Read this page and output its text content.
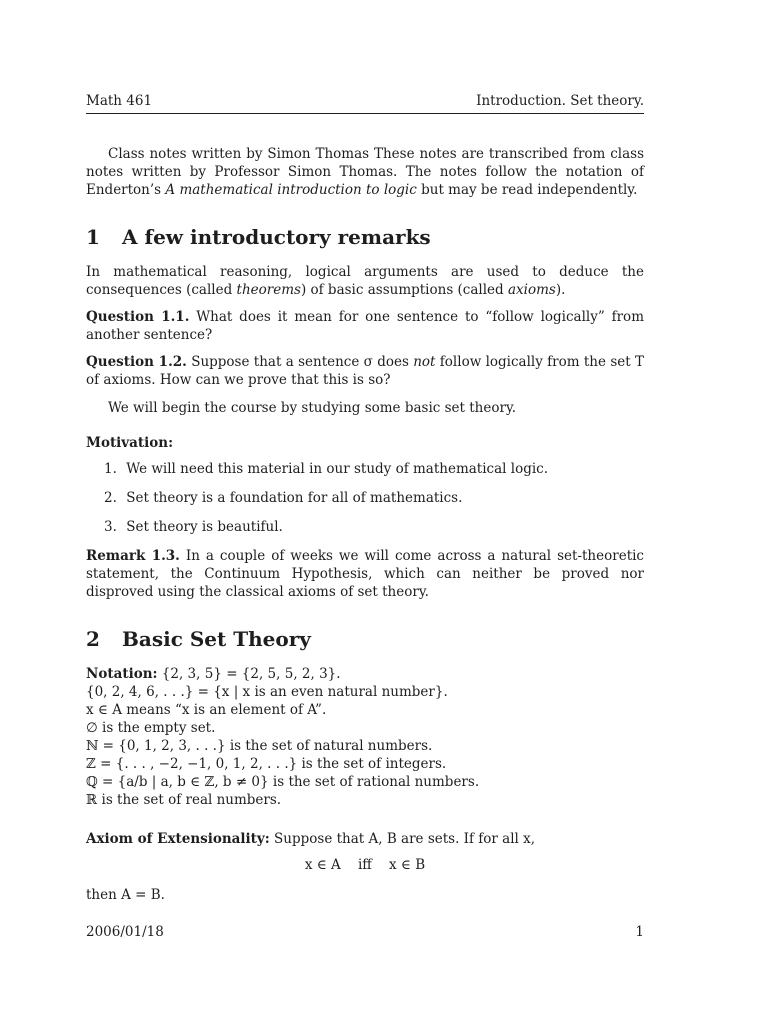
Math 461	Introduction. Set theory.
Class notes written by Simon Thomas These notes are transcribed from class notes written by Professor Simon Thomas. The notes follow the notation of Enderton’s A mathematical introduction to logic but may be read independently.
1 A few introductory remarks
In mathematical reasoning, logical arguments are used to deduce the consequences (called theorems) of basic assumptions (called axioms).
Question 1.1. What does it mean for one sentence to “follow logically” from another sentence?
Question 1.2. Suppose that a sentence σ does not follow logically from the set T of axioms. How can we prove that this is so?
We will begin the course by studying some basic set theory.
Motivation:
1. We will need this material in our study of mathematical logic.
2. Set theory is a foundation for all of mathematics.
3. Set theory is beautiful.
Remark 1.3. In a couple of weeks we will come across a natural set-theoretic statement, the Continuum Hypothesis, which can neither be proved nor disproved using the classical axioms of set theory.
2 Basic Set Theory
Notation: {2, 3, 5} = {2, 5, 5, 2, 3}.
{0, 2, 4, 6, . . .} = {x | x is an even natural number}.
x ∈ A means “x is an element of A”.
∅ is the empty set.
ℕ = {0, 1, 2, 3, . . .} is the set of natural numbers.
ℤ = {. . . , −2, −1, 0, 1, 2, . . .} is the set of integers.
ℚ = {a/b | a, b ∈ ℤ, b ≠ 0} is the set of rational numbers.
ℝ is the set of real numbers.
Axiom of Extensionality: Suppose that A, B are sets. If for all x,
x ∈ A    iff    x ∈ B
then A = B.
2006/01/18	1
